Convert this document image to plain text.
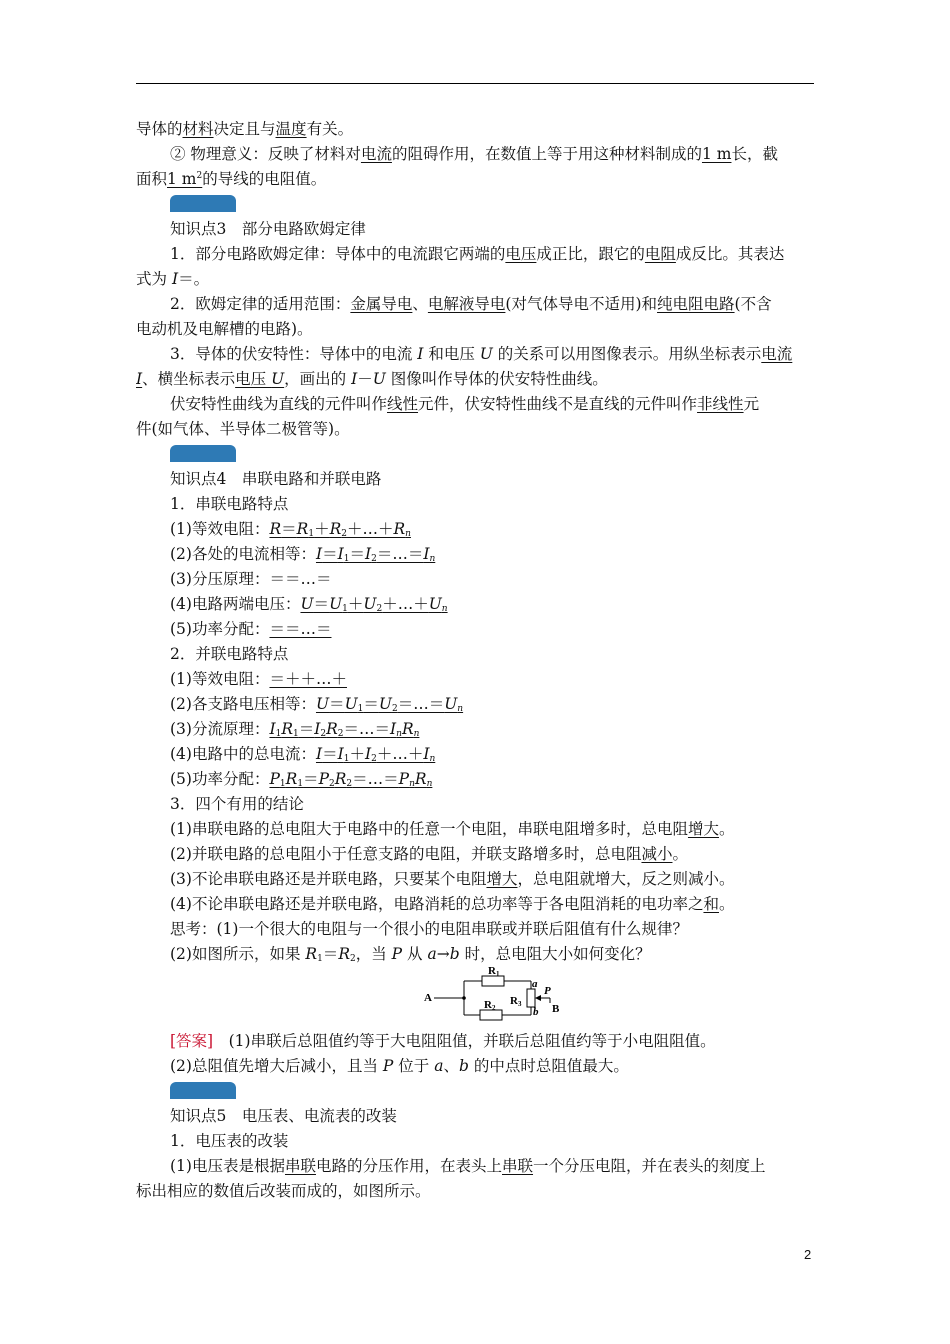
导体的材料决定且与温度有关。
② 物理意义：反映了材料对电流的阻碍作用，在数值上等于用这种材料制成的1 m长，截
面积1 $m^2$的导线的电阻值。
知识点3　部分电路欧姆定律
1．部分电路欧姆定律：导体中的电流跟它两端的电压成正比，跟它的电阻成反比。其表达
式为 I＝。
2．欧姆定律的适用范围：金属导电、电解液导电(对气体导电不适用)和纯电阻电路(不含
电动机及电解槽的电路)。
3．导体的伏安特性：导体中的电流 I 和电压 U 的关系可以用图像表示。用纵坐标表示电流
I、横坐标表示电压 U，画出的 I－U 图像叫作导体的伏安特性曲线。
伏安特性曲线为直线的元件叫作线性元件，伏安特性曲线不是直线的元件叫作非线性元
件(如气体、半导体二极管等)。
知识点4　串联电路和并联电路
1．串联电路特点
(1)等效电阻：$R=R_1+R_2+\dots+R_n$
(2)各处的电流相等：$I=I_1=I_2=\dots=I_n$
(3)分压原理：＝＝…＝
(4)电路两端电压：$U=U_1+U_2+\dots+U_n$
(5)功率分配：＝＝…＝
2．并联电路特点
(1)等效电阻：＝＋＋…＋
(2)各支路电压相等：$U=U_1=U_2=\dots=U_n$
(3)分流原理：$I_1R_1=I_2R_2=\dots=I_nR_n$
(4)电路中的总电流：$I=I_1+I_2+\dots+I_n$
(5)功率分配：$P_1R_1=P_2R_2=\dots=P_nR_n$
3．四个有用的结论
(1)串联电路的总电阻大于电路中的任意一个电阻，串联电阻增多时，总电阻增大。
(2)并联电路的总电阻小于任意支路的电阻，并联支路增多时，总电阻减小。
(3)不论串联电路还是并联电路，只要某个电阻增大，总电阻就增大，反之则减小。
(4)不论串联电路还是并联电路，电路消耗的总功率等于各电阻消耗的电功率之和。
思考：(1)一个很大的电阻与一个很小的电阻串联或并联后阻值有什么规律？
(2)如图所示，如果 $R_1=R_2$，当 P 从 a→b 时，总电阻大小如何变化？
A
R1
R2
R3
a
b
P
B
[答案]　(1)串联后总阻值约等于大电阻阻值，并联后总阻值约等于小电阻阻值。
(2)总阻值先增大后减小，且当 P 位于 a、b 的中点时总阻值最大。
知识点5　电压表、电流表的改装
1．电压表的改装
(1)电压表是根据串联电路的分压作用，在表头上串联一个分压电阻，并在表头的刻度上
标出相应的数值后改装而成的，如图所示。
2
